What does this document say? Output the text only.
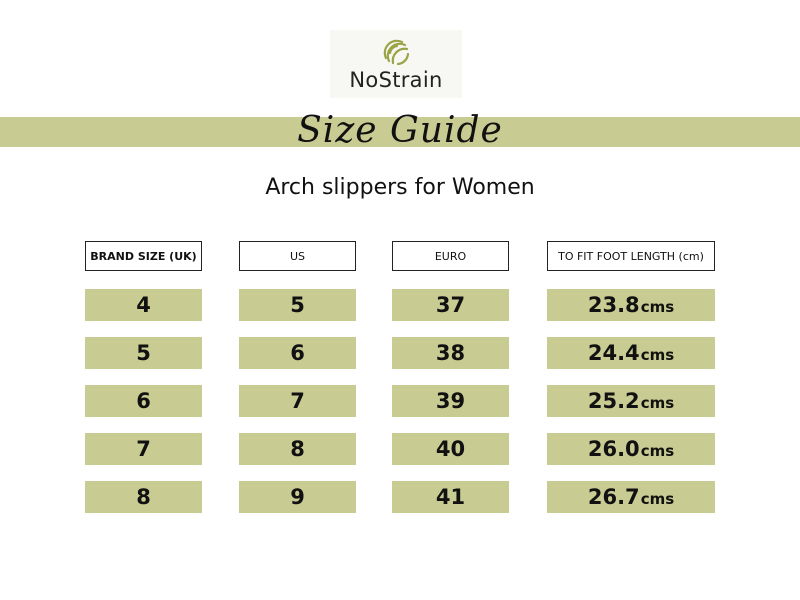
NoStrain
Size Guide
Arch slippers for Women
BRAND SIZE (UK)	US	EURO	TO FIT FOOT LENGTH (cm)
4	5	37	23.8 cms
5	6	38	24.4 cms
6	7	39	25.2 cms
7	8	40	26.0 cms
8	9	41	26.7 cms
